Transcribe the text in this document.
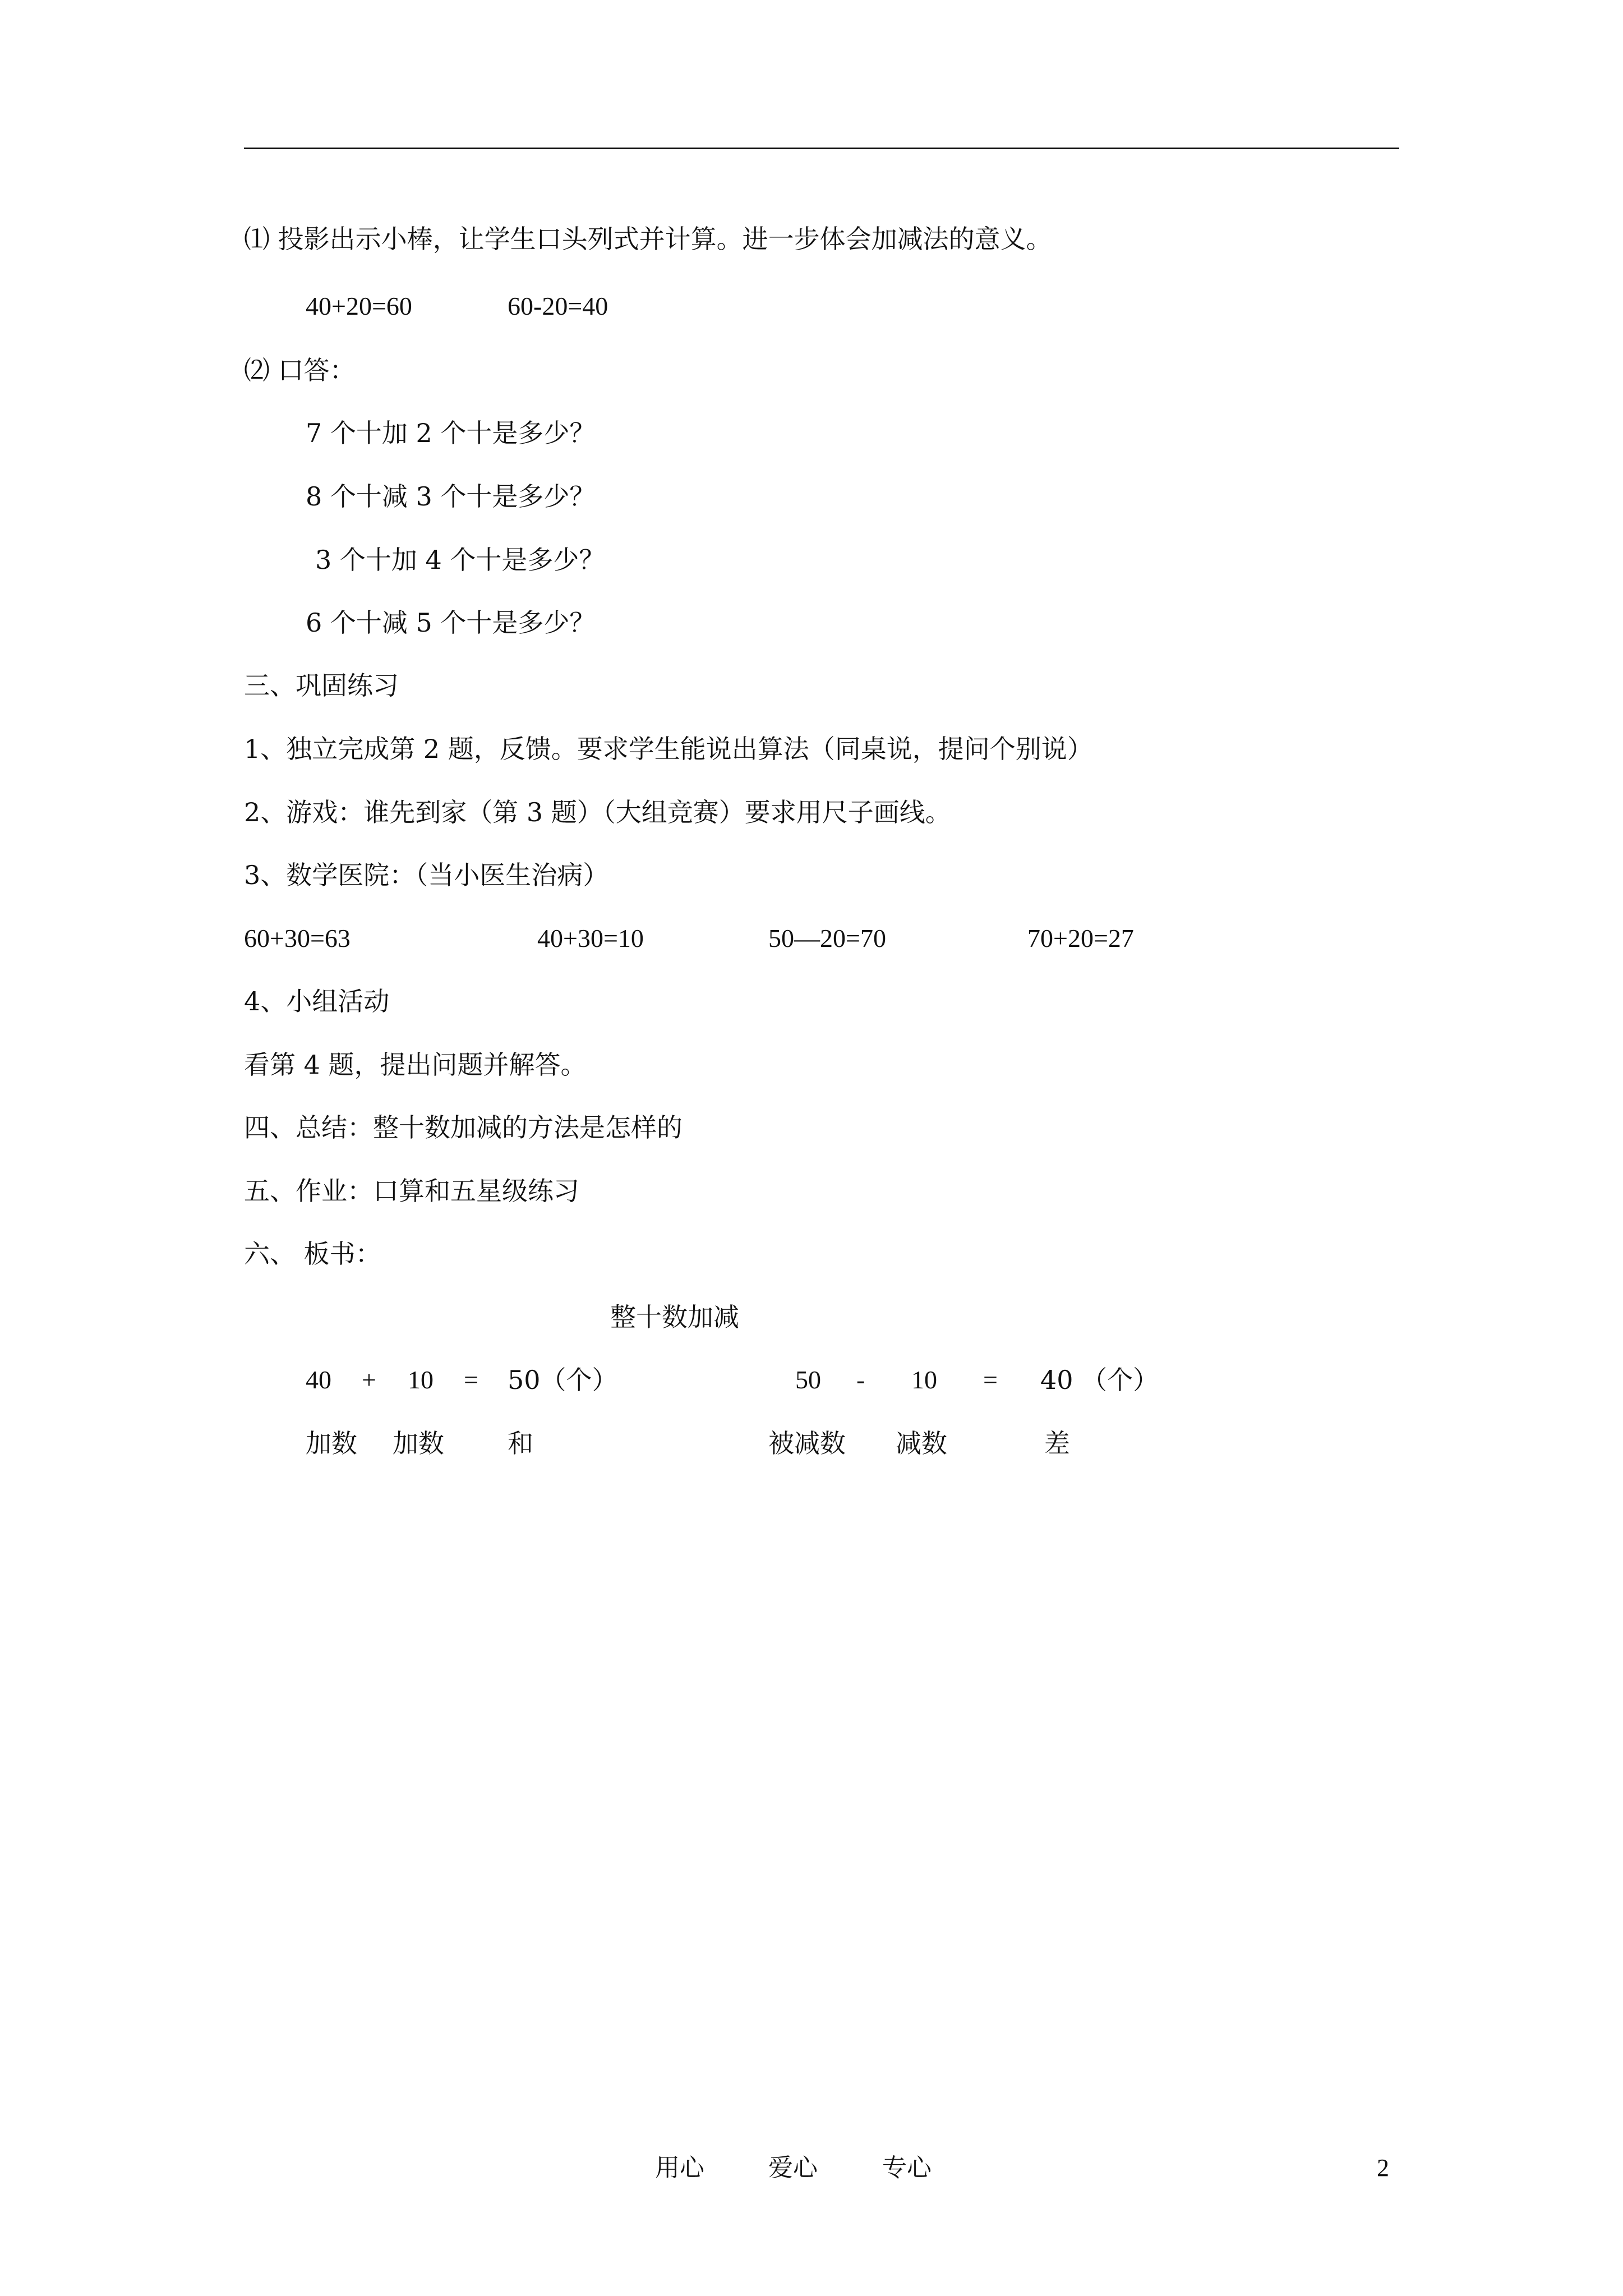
⑴ 投影出示小棒，让学生口头列式并计算。进一步体会加减法的意义。
40+20=60	60-20=40
⑵ 口答：
7 个十加 2 个十是多少？
8 个十减 3 个十是多少？
3 个十加 4 个十是多少？
6 个十减 5 个十是多少？
三、巩固练习
1、独立完成第 2 题，反馈。要求学生能说出算法（同桌说，提问个别说）
2、游戏：谁先到家（第 3 题）（大组竞赛）要求用尺子画线。
3、数学医院：（当小医生治病）
60+30=63	40+30=10	50—20=70	70+20=27
4、小组活动
看第 4 题，提出问题并解答。
四、总结：整十数加减的方法是怎样的
五、作业：口算和五星级练习
六、 板书：
整十数加减
40 + 10 = 50（个）	50 - 10 = 40 （个）
加数 加数 和	被减数 减数	差
用心	爱心	专心	2
